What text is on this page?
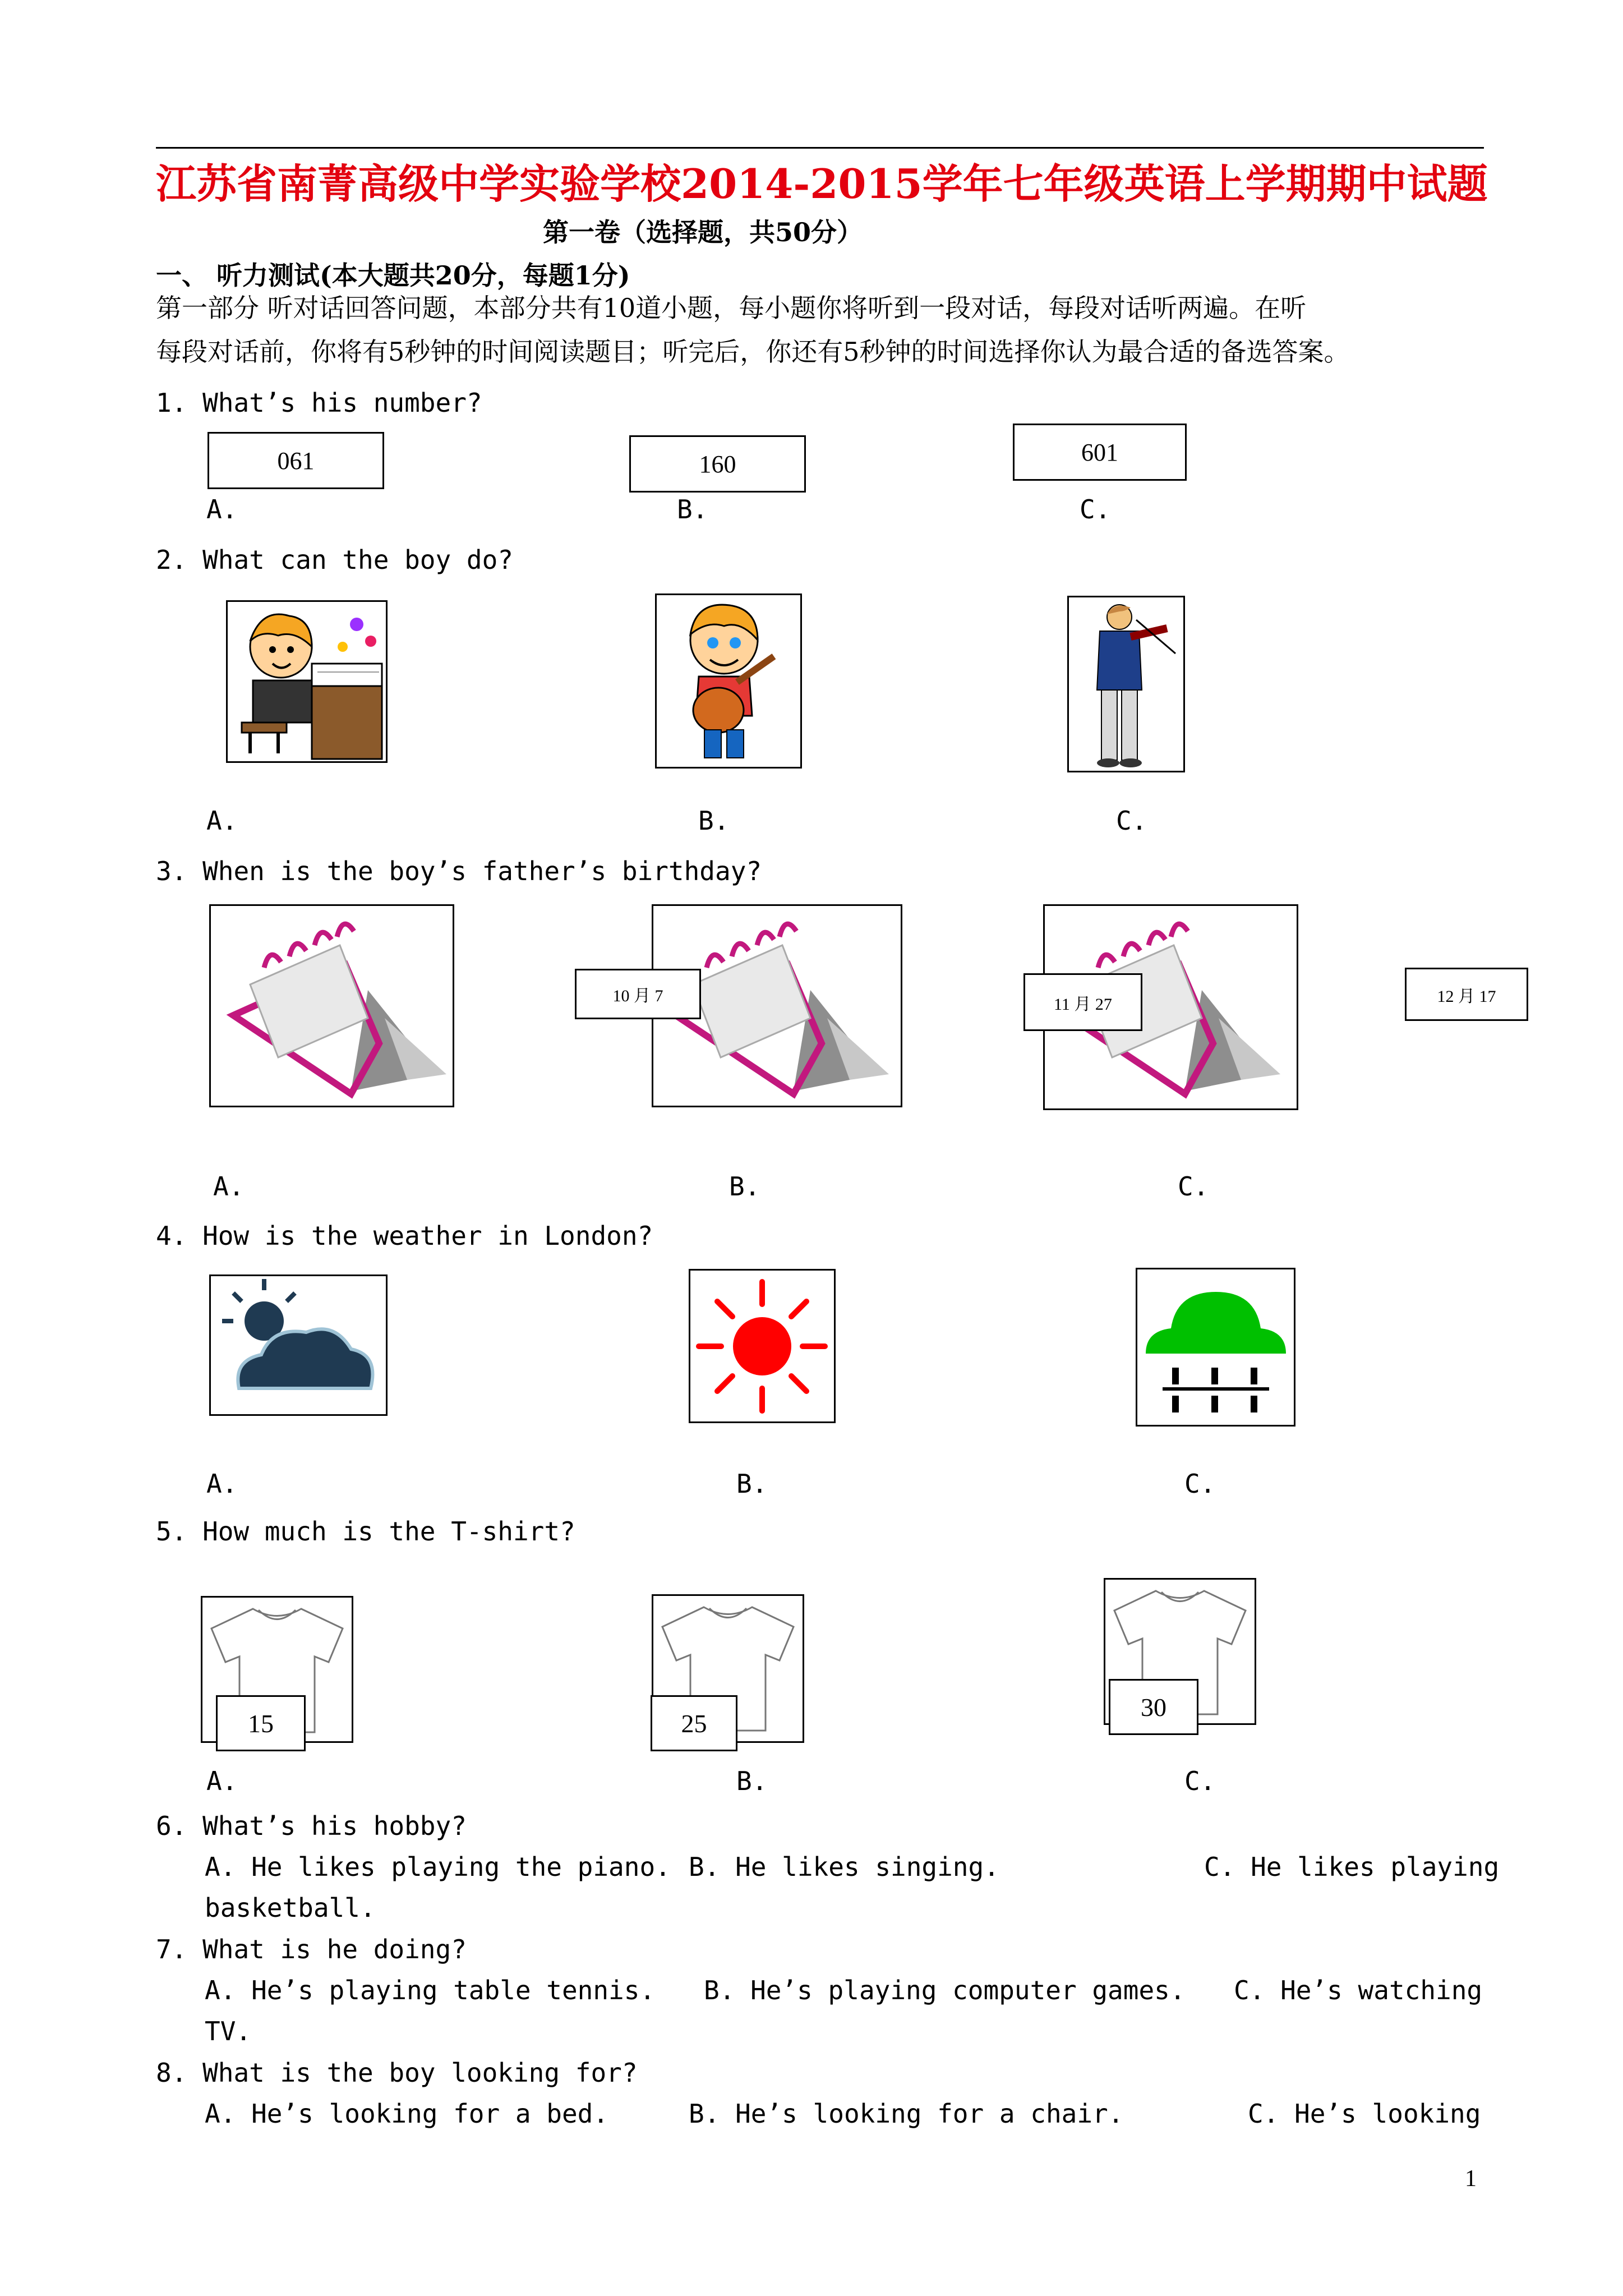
江苏省南菁高级中学实验学校2014-2015学年七年级英语上学期期中试题
第一卷（选择题，共50分）
一、 听力测试(本大题共20分，每题1分)
第一部分 听对话回答问题，本部分共有10道小题，每小题你将听到一段对话，每段对话听两遍。在听
每段对话前，你将有5秒钟的时间阅读题目；听完后，你还有5秒钟的时间选择你认为最合适的备选答案。
1. What’s his number?
061	160	601
A.	B.	C.
2. What can the boy do?
A.	B.	C.
3. When is the boy’s father’s birthday?
10 月 7	11 月 27	12 月 17
A.	B.	C.
4. How is the weather in London?
A.	B.	C.
5. How much is the T-shirt?
15	25
30
A.	B.	C.
6. What’s his hobby?
A. He likes playing the piano. B. He likes singing.	C. He likes playing
basketball.
7. What is he doing?
A. He’s playing table tennis. B. He’s playing computer games. C. He’s watching
TV.
8. What is the boy looking for?
A. He’s looking for a bed.	B. He’s looking for a chair.	C. He’s looking
1
